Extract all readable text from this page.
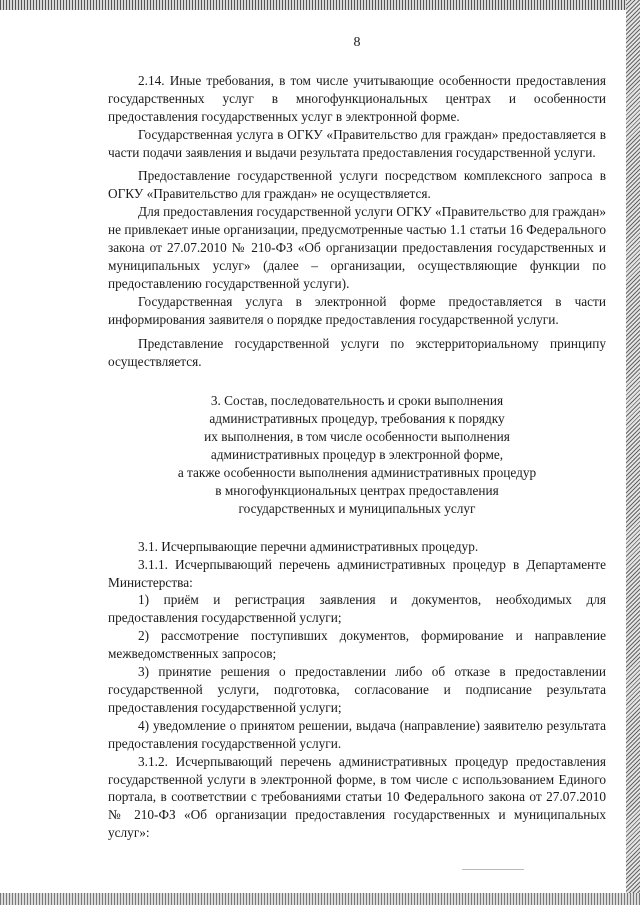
8

2.14. Иные требования, в том числе учитывающие особенности предоставления государственных услуг в многофункциональных центрах и особенности предоставления государственных услуг в электронной форме.

Государственная услуга в ОГКУ «Правительство для граждан» предоставляется в части подачи заявления и выдачи результата предоставления государственной услуги.

Предоставление государственной услуги посредством комплексного запроса в ОГКУ «Правительство для граждан» не осуществляется.

Для предоставления государственной услуги ОГКУ «Правительство для граждан» не привлекает иные организации, предусмотренные частью 1.1 статьи 16 Федерального закона от 27.07.2010 № 210-ФЗ «Об организации предоставления государственных и муниципальных услуг» (далее – организации, осуществляющие функции по предоставлению государственной услуги).

Государственная услуга в электронной форме предоставляется в части информирования заявителя о порядке предоставления государственной услуги.

Представление государственной услуги по экстерриториальному принципу осуществляется.

3. Состав, последовательность и сроки выполнения
административных процедур, требования к порядку
их выполнения, в том числе особенности выполнения
административных процедур в электронной форме,
а также особенности выполнения административных процедур
в многофункциональных центрах предоставления
государственных и муниципальных услуг

3.1. Исчерпывающие перечни административных процедур.

3.1.1. Исчерпывающий перечень административных процедур в Департаменте Министерства:

1) приём и регистрация заявления и документов, необходимых для предоставления государственной услуги;

2) рассмотрение поступивших документов, формирование и направление межведомственных запросов;

3) принятие решения о предоставлении либо об отказе в предоставлении государственной услуги, подготовка, согласование и подписание результата предоставления государственной услуги;

4) уведомление о принятом решении, выдача (направление) заявителю результата предоставления государственной услуги.

3.1.2. Исчерпывающий перечень административных процедур предоставления государственной услуги в электронной форме, в том числе с использованием Единого портала, в соответствии с требованиями статьи 10 Федерального закона от 27.07.2010 № 210-ФЗ «Об организации предоставления государственных и муниципальных услуг»:
